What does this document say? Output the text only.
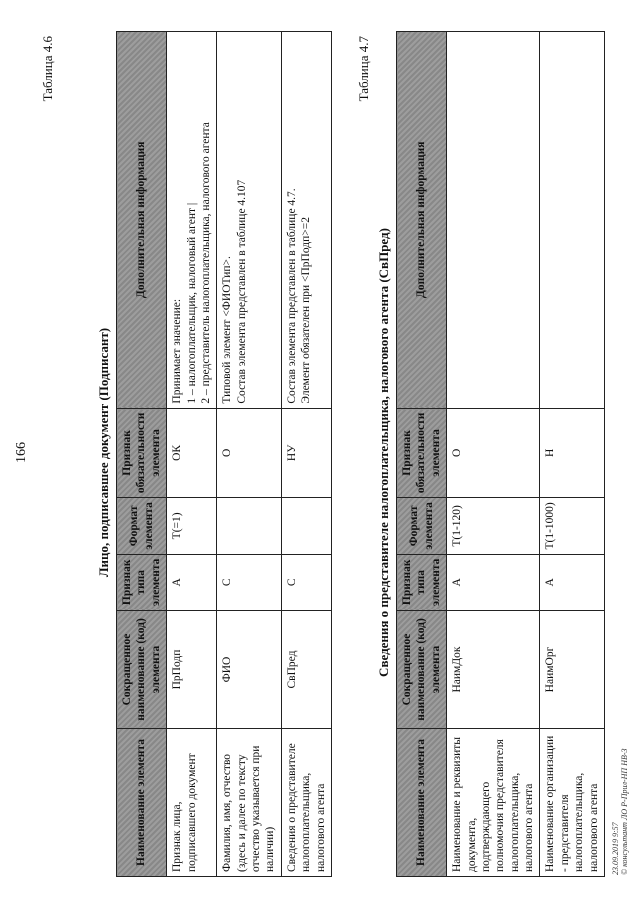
166
Таблица 4.6
Лицо, подписавшее документ (Подписант)
Наименование элемента	Сокращенное наименование (код) элемента	Признак типа элемента	Формат элемента	Признак обязательности элемента	Дополнительная информация
Признак лица, подписавшего документ	ПрПодп	А	Т(=1)	ОК	Принимает значение:
1 – налогоплательщик, налоговый агент |
2 – представитель налогоплательщика, налогового агента
Фамилия, имя, отчество (здесь и далее по тексту отчество указывается при наличии)	ФИО	С		О	Типовой элемент <ФИОТип>.
Состав элемента представлен в таблице 4.107
Сведения о представителе налогоплательщика, налогового агента	СвПред	С		НУ	Состав элемента представлен в таблице 4.7.
Элемент обязателен при <ПрПодп>=2
Таблица 4.7
Сведения о представителе налогоплательщика, налогового агента (СвПред)
Наименование элемента	Сокращенное наименование (код) элемента	Признак типа элемента	Формат элемента	Признак обязательности элемента	Дополнительная информация
Наименование и реквизиты документа, подтверждающего полномочия представителя налогоплательщика, налогового агента	НаимДок	А	Т(1-120)	О	
Наименование организации - представителя налогоплательщика, налогового агента	НаимОрг	А	Т(1-1000)	Н	
23.09.2019 9:57 © консультант ЛО Р-Прил-НП НВ-3
